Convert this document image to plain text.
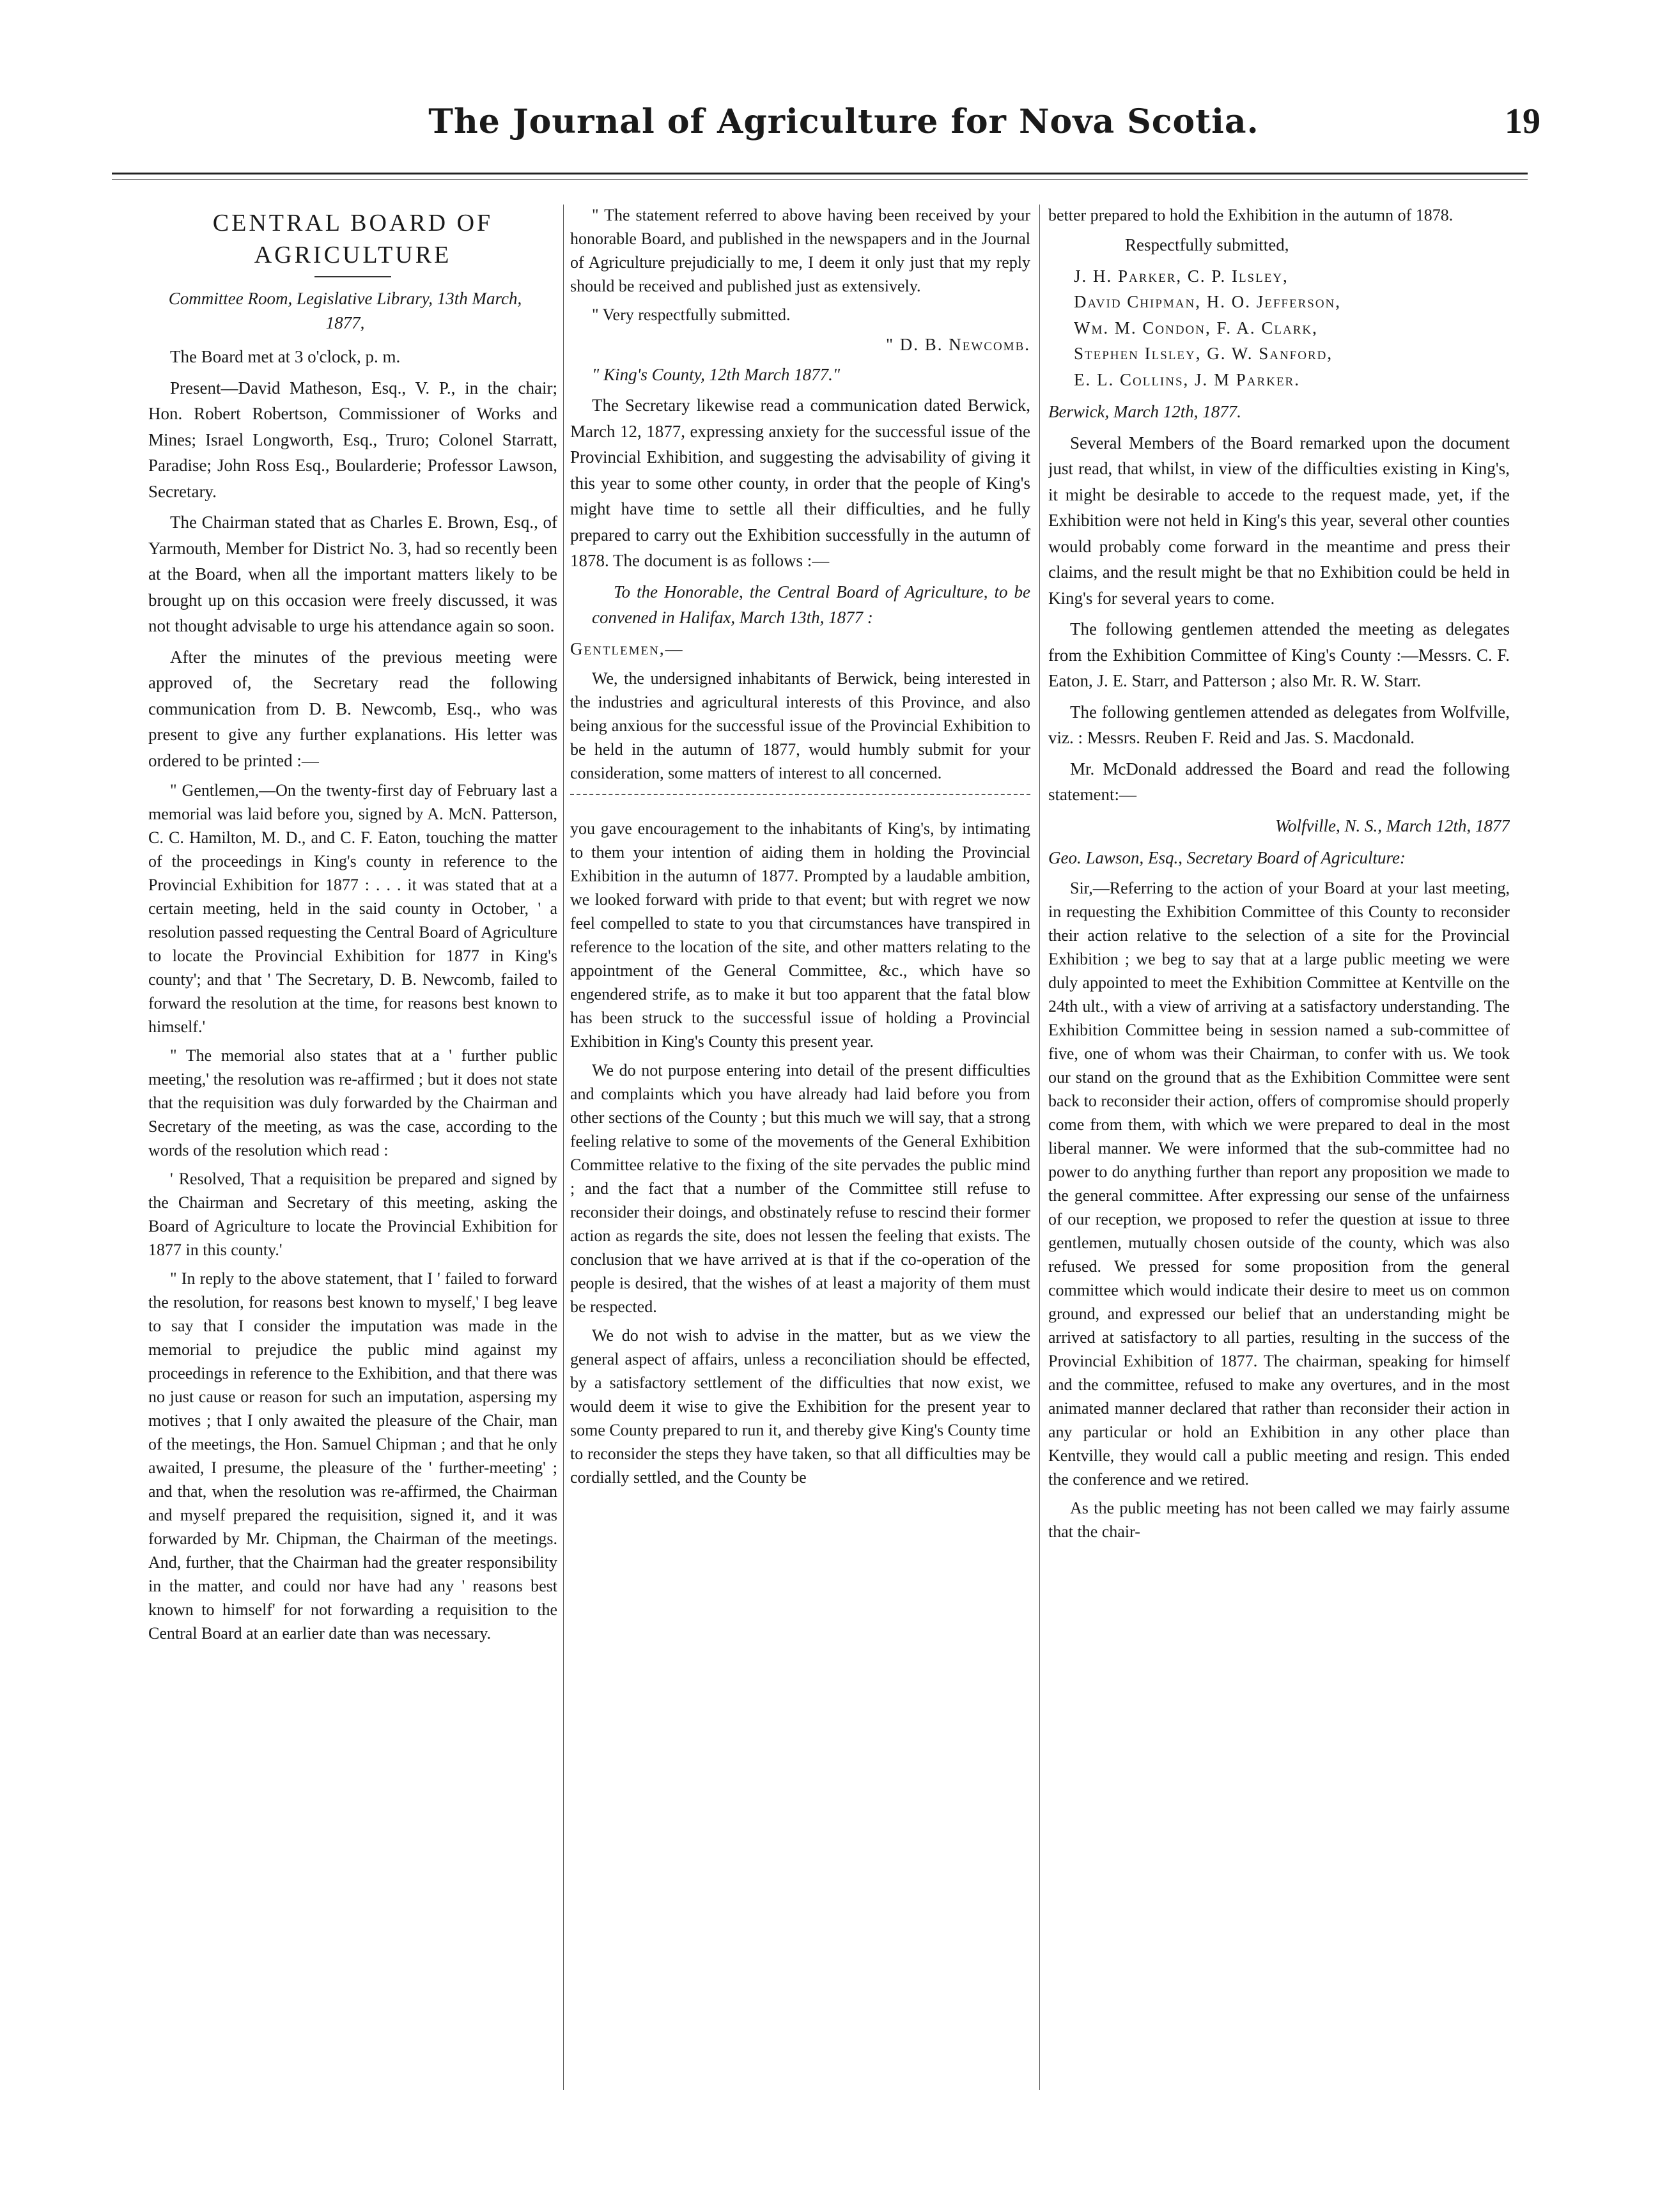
The Journal of Agriculture for Nova Scotia.	19
CENTRAL BOARD OF AGRICULTURE
Committee Room, Legislative Library, 13th March, 1877,

The Board met at 3 o'clock, p. m.

Present—David Matheson, Esq., V. P., in the chair; Hon. Robert Robertson, Commissioner of Works and Mines; Israel Longworth, Esq., Truro; Colonel Starratt, Paradise; John Ross Esq., Boularderie; Professor Lawson, Secretary.

The Chairman stated that as Charles E. Brown, Esq., of Yarmouth, Member for District No. 3, had so recently been at the Board, when all the important matters likely to be brought up on this occasion were freely discussed, it was not thought advisable to urge his attendance again so soon.

After the minutes of the previous meeting were approved of, the Secretary read the following communication from D. B. Newcomb, Esq., who was present to give any further explanations. His letter was ordered to be printed :—

" Gentlemen,—On the twenty-first day of February last a memorial was laid before you, signed by A. McN. Patterson, C. C. Hamilton, M. D., and C. F. Eaton, touching the matter of the proceedings in King's county in reference to the Provincial Exhibition for 1877 : . . . it was stated that at a certain meeting, held in the said county in October, ' a resolution passed requesting the Central Board of Agriculture to locate the Provincial Exhibition for 1877 in King's county'; and that ' The Secretary, D. B. Newcomb, failed to forward the resolution at the time, for reasons best known to himself.'

" The memorial also states that at a ' further public meeting,' the resolution was re-affirmed ; but it does not state that the requisition was duly forwarded by the Chairman and Secretary of the meeting, as was the case, according to the words of the resolution which read :

' Resolved, That a requisition be prepared and signed by the Chairman and Secretary of this meeting, asking the Board of Agriculture to locate the Provincial Exhibition for 1877 in this county.'

" In reply to the above statement, that I ' failed to forward the resolution, for reasons best known to myself,' I beg leave to say that I consider the imputation was made in the memorial to prejudice the public mind against my proceedings in reference to the Exhibition, and that there was no just cause or reason for such an imputation, aspersing my motives ; that I only awaited the pleasure of the Chair, man of the meetings, the Hon. Samuel Chipman ; and that he only awaited, I presume, the pleasure of the ' further-meeting' ; and that, when the resolution was re-affirmed, the Chairman and myself prepared the requisition, signed it, and it was forwarded by Mr. Chipman, the Chairman of the meetings. And, further, that the Chairman had the greater responsibility in the matter, and could nor have had any ' reasons best known to himself' for not forwarding a requisition to the Central Board at an earlier date than was necessary.

" The statement referred to above having been received by your honorable Board, and published in the newspapers and in the Journal of Agriculture prejudicially to me, I deem it only just that my reply should be received and published just as extensively.

" Very respectfully submitted.

" D. B. Newcomb.

" King's County, 12th March 1877."

The Secretary likewise read a communication dated Berwick, March 12, 1877, expressing anxiety for the successful issue of the Provincial Exhibition, and suggesting the advisability of giving it this year to some other county, in order that the people of King's might have time to settle all their difficulties, and he fully prepared to carry out the Exhibition successfully in the autumn of 1878. The document is as follows :—

To the Honorable, the Central Board of Agriculture, to be convened in Halifax, March 13th, 1877 :

Gentlemen,—

We, the undersigned inhabitants of Berwick, being interested in the industries and agricultural interests of this Province, and also being anxious for the successful issue of the Provincial Exhibition to be held in the autumn of 1877, would humbly submit for your consideration, some matters of interest to all concerned.

you gave encouragement to the inhabitants of King's, by intimating to them your intention of aiding them in holding the Provincial Exhibition in the autumn of 1877. Prompted by a laudable ambition, we looked forward with pride to that event; but with regret we now feel compelled to state to you that circumstances have transpired in reference to the location of the site, and other matters relating to the appointment of the General Committee, &c., which have so engendered strife, as to make it but too apparent that the fatal blow has been struck to the successful issue of holding a Provincial Exhibition in King's County this present year.

We do not purpose entering into detail of the present difficulties and complaints which you have already had laid before you from other sections of the County ; but this much we will say, that a strong feeling relative to some of the movements of the General Exhibition Committee relative to the fixing of the site pervades the public mind ; and the fact that a number of the Committee still refuse to reconsider their doings, and obstinately refuse to rescind their former action as regards the site, does not lessen the feeling that exists. The conclusion that we have arrived at is that if the co-operation of the people is desired, that the wishes of at least a majority of them must be respected.

We do not wish to advise in the matter, but as we view the general aspect of affairs, unless a reconciliation should be effected, by a satisfactory settlement of the difficulties that now exist, we would deem it wise to give the Exhibition for the present year to some County prepared to run it, and thereby give King's County time to reconsider the steps they have taken, so that all difficulties may be cordially settled, and the County be

better prepared to hold the Exhibition in the autumn of 1878.

Respectfully submitted,

J. H. Parker, C. P. Ilsley,
David Chipman, H. O. Jefferson,
Wm. M. Condon, F. A. Clark,
Stephen Ilsley, G. W. Sanford,
E. L. Collins, J. M Parker.

Berwick, March 12th, 1877.

Several Members of the Board remarked upon the document just read, that whilst, in view of the difficulties existing in King's, it might be desirable to accede to the request made, yet, if the Exhibition were not held in King's this year, several other counties would probably come forward in the meantime and press their claims, and the result might be that no Exhibition could be held in King's for several years to come.

The following gentlemen attended the meeting as delegates from the Exhibition Committee of King's County :—Messrs. C. F. Eaton, J. E. Starr, and Patterson ; also Mr. R. W. Starr.

The following gentlemen attended as delegates from Wolfville, viz. : Messrs. Reuben F. Reid and Jas. S. Macdonald.

Mr. McDonald addressed the Board and read the following statement:—

Wolfville, N. S., March 12th, 1877

Geo. Lawson, Esq., Secretary Board of Agriculture:

Sir,—Referring to the action of your Board at your last meeting, in requesting the Exhibition Committee of this County to reconsider their action relative to the selection of a site for the Provincial Exhibition ; we beg to say that at a large public meeting we were duly appointed to meet the Exhibition Committee at Kentville on the 24th ult., with a view of arriving at a satisfactory understanding. The Exhibition Committee being in session named a sub-committee of five, one of whom was their Chairman, to confer with us. We took our stand on the ground that as the Exhibition Committee were sent back to reconsider their action, offers of compromise should properly come from them, with which we were prepared to deal in the most liberal manner. We were informed that the sub-committee had no power to do anything further than report any proposition we made to the general committee. After expressing our sense of the unfairness of our reception, we proposed to refer the question at issue to three gentlemen, mutually chosen outside of the county, which was also refused. We pressed for some proposition from the general committee which would indicate their desire to meet us on common ground, and expressed our belief that an understanding might be arrived at satisfactory to all parties, resulting in the success of the Provincial Exhibition of 1877. The chairman, speaking for himself and the committee, refused to make any overtures, and in the most animated manner declared that rather than reconsider their action in any particular or hold an Exhibition in any other place than Kentville, they would call a public meeting and resign. This ended the conference and we retired.

As the public meeting has not been called we may fairly assume that the chair-
